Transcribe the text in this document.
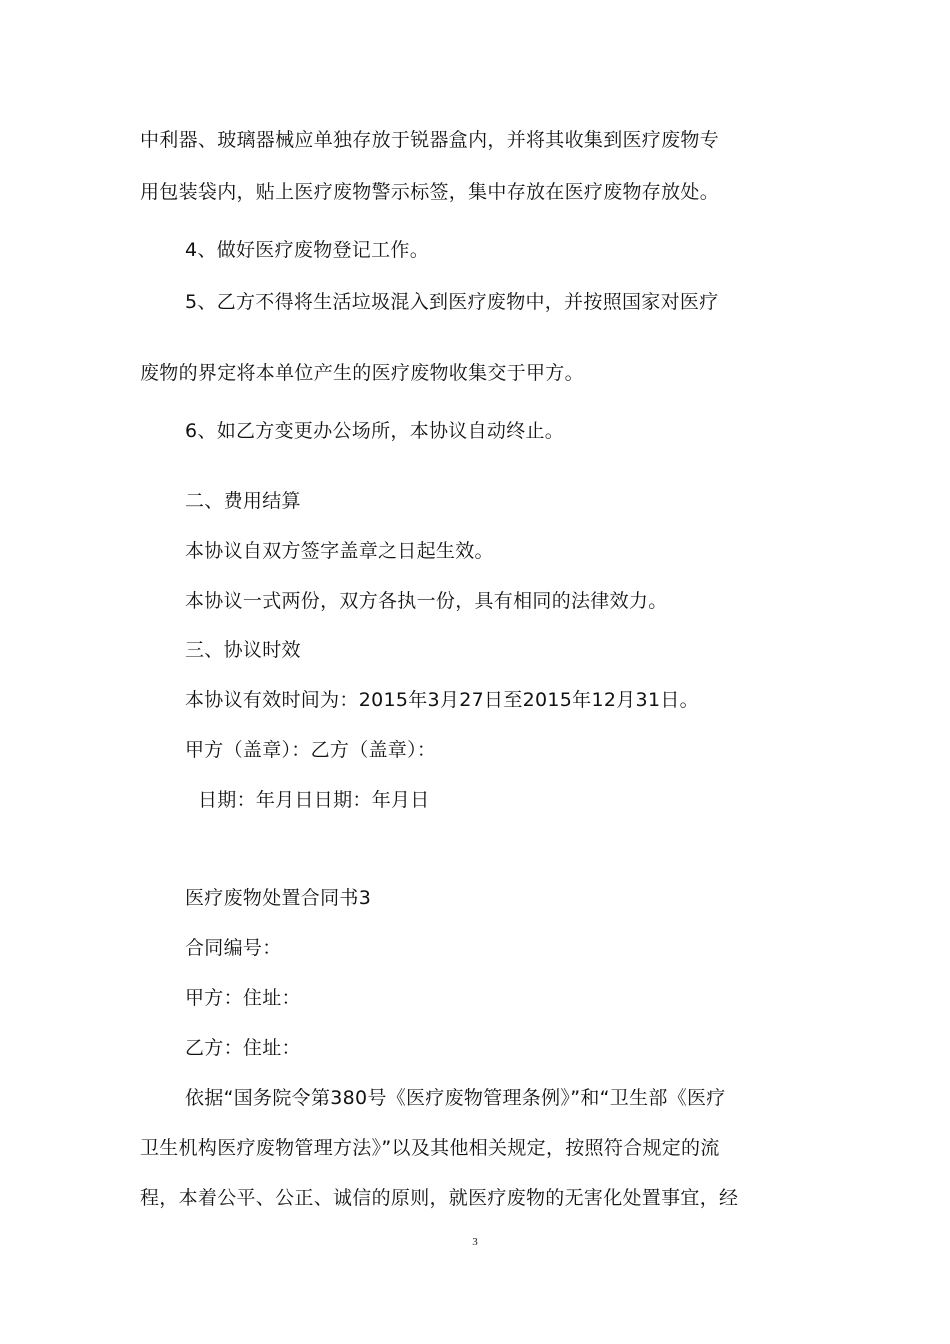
中利器、玻璃器械应单独存放于锐器盒内，并将其收集到医疗废物专
用包装袋内，贴上医疗废物警示标签，集中存放在医疗废物存放处。
4、做好医疗废物登记工作。
5、乙方不得将生活垃圾混入到医疗废物中，并按照国家对医疗
废物的界定将本单位产生的医疗废物收集交于甲方。
6、如乙方变更办公场所，本协议自动终止。
二、费用结算
本协议自双方签字盖章之日起生效。
本协议一式两份，双方各执一份，具有相同的法律效力。
三、协议时效
本协议有效时间为：2015年3月27日至2015年12月31日。
甲方（盖章）：乙方（盖章）：
日期：年月日日期：年月日
医疗废物处置合同书3
合同编号：
甲方：住址：
乙方：住址：
依据“国务院令第380号《医疗废物管理条例》”和“卫生部《医疗
卫生机构医疗废物管理方法》”以及其他相关规定，按照符合规定的流
程，本着公平、公正、诚信的原则，就医疗废物的无害化处置事宜，经
3
